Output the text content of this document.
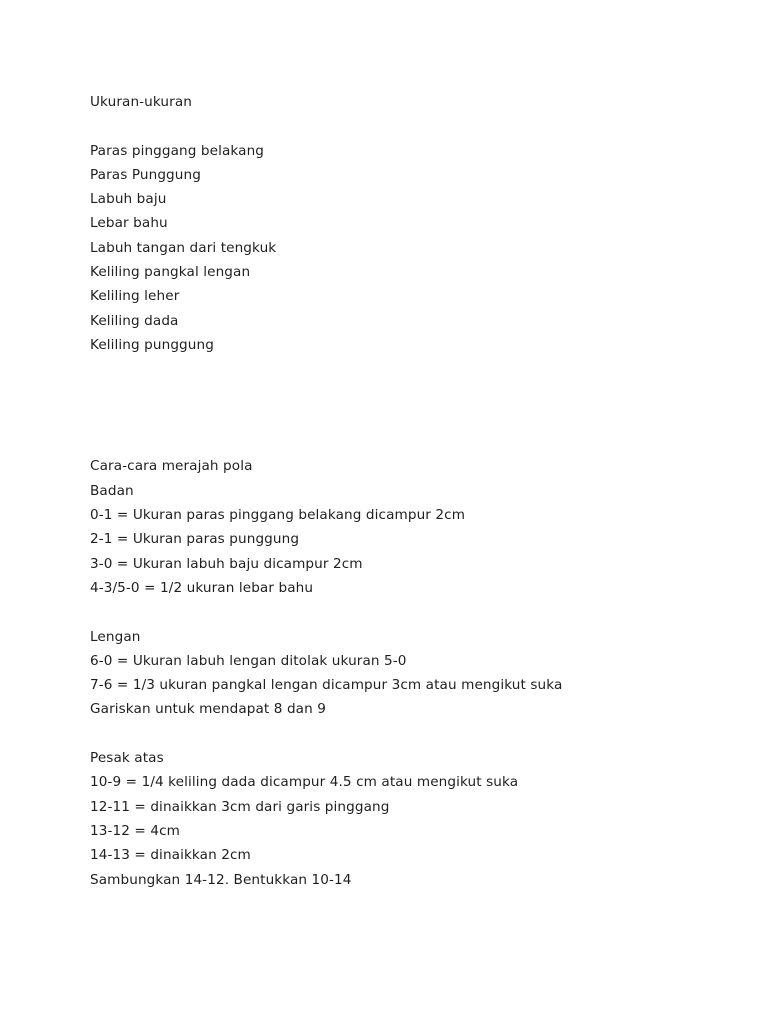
Ukuran-ukuran
Paras pinggang belakang
Paras Punggung
Labuh baju
Lebar bahu
Labuh tangan dari tengkuk
Keliling pangkal lengan
Keliling leher
Keliling dada
Keliling punggung
Cara-cara merajah pola
Badan
0-1 = Ukuran paras pinggang belakang dicampur 2cm
2-1 = Ukuran paras punggung
3-0 = Ukuran labuh baju dicampur 2cm
4-3/5-0 = 1/2 ukuran lebar bahu
Lengan
6-0 = Ukuran labuh lengan ditolak ukuran 5-0
7-6 = 1/3 ukuran pangkal lengan dicampur 3cm atau mengikut suka
Gariskan untuk mendapat 8 dan 9
Pesak atas
10-9 = 1/4 keliling dada dicampur 4.5 cm atau mengikut suka
12-11 = dinaikkan 3cm dari garis pinggang
13-12 = 4cm
14-13 = dinaikkan 2cm
Sambungkan 14-12. Bentukkan 10-14
